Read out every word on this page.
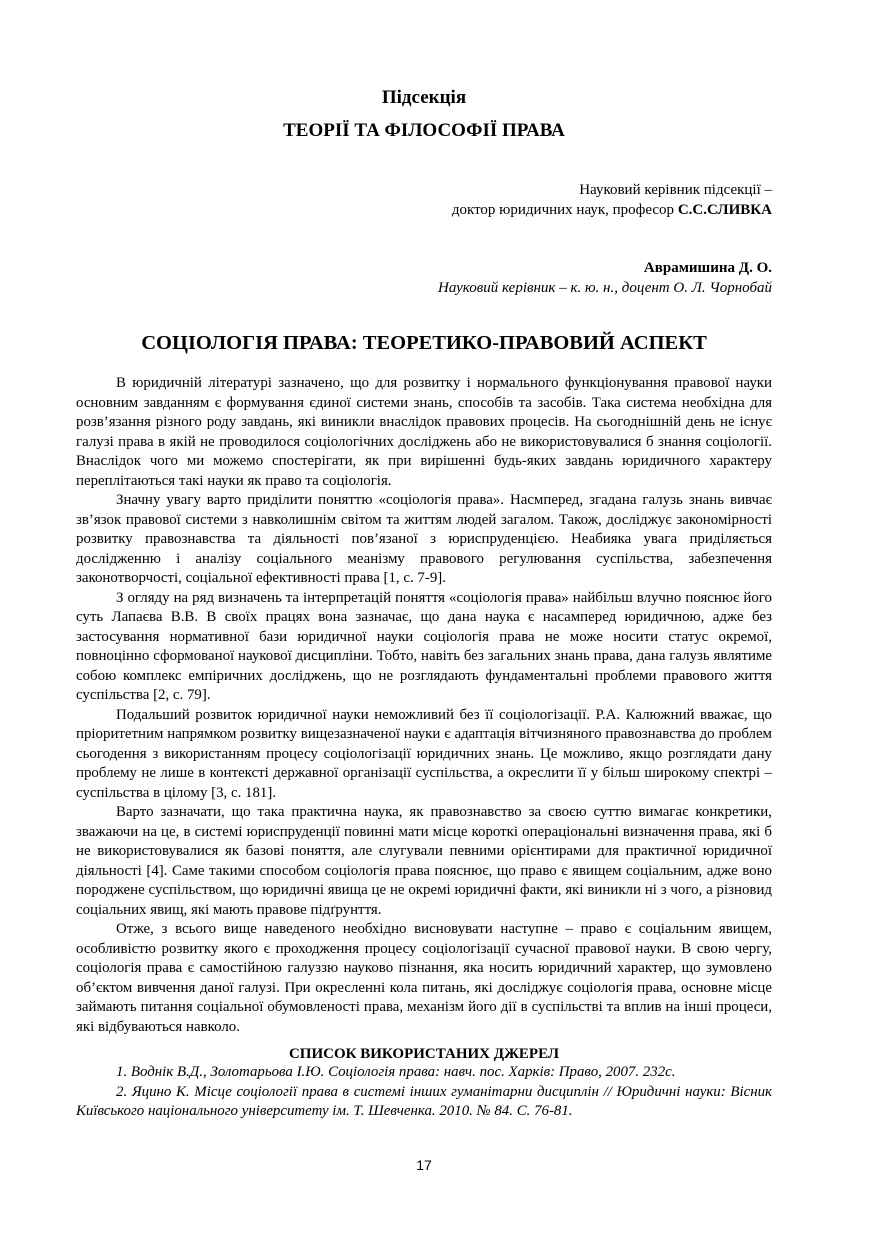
Підсекція
ТЕОРІЇ ТА ФІЛОСОФІЇ ПРАВА
Науковий керівник підсекції –
доктор юридичних наук, професор С.С.СЛИВКА
Аврамишина Д. О.
Науковий керівник – к. ю. н., доцент О. Л. Чорнобай
СОЦІОЛОГІЯ ПРАВА: ТЕОРЕТИКО-ПРАВОВИЙ АСПЕКТ

В юридичній літературі зазначено, що для розвитку і нормального функціонування правової науки основним завданням є формування єдиної системи знань, способів та засобів. Така система необхідна для розв’язання різного роду завдань, які виникли внаслідок правових процесів. На сьогоднішній день не існує галузі права в якій не проводилося соціологічних досліджень або не використовувалися б знання соціології. Внаслідок чого ми можемо спостерігати, як при вирішенні будь-яких завдань юридичного характеру переплітаються такі науки як право та соціологія.

Значну увагу варто приділити поняттю «соціологія права». Насмперед, згадана галузь знань вивчає зв’язок правової системи з навколишнім світом та життям людей загалом. Також, досліджує закономірності розвитку правознавства та діяльності пов’язаної з юриспруденцією. Неабияка увага приділяється дослідженню і аналізу соціального меанізму правового регулювання суспільства, забезпечення законотворчості, соціальної ефективності права [1, с. 7-9].

З огляду на ряд визначень та інтерпретацій поняття «соціологія права» найбільш влучно пояснює його суть Лапаєва В.В. В своїх працях вона зазначає, що дана наука є насамперед юридичною, адже без застосування нормативної бази юридичної науки соціологія права не може носити статус окремої, повноцінно сформованої наукової дисципліни. Тобто, навіть без загальних знань права, дана галузь являтиме собою комплекс емпіричних досліджень, що не розглядають фундаментальні проблеми правового життя суспільства [2, с. 79].

Подальший розвиток юридичної науки неможливий без її соціологізації. Р.А. Калюжний вважає, що пріоритетним напрямком розвитку вищезазначеної науки є адаптація вітчизняного правознавства до проблем сьогодення з використанням процесу соціологізації юридичних знань. Це можливо, якщо розглядати дану проблему не лише в контексті державної організації суспільства, а окреслити її у більш широкому спектрі – суспільства в цілому [3, с. 181].

Варто зазначати, що така практична наука, як правознавство за своєю суттю вимагає конкретики, зважаючи на це, в системі юриспруденції повинні мати місце короткі операціональні визначення права, які б не використовувалися як базові поняття, але слугували певними орієнтирами для практичної юридичної діяльності [4]. Саме такими способом соціологія права пояснює, що право є явищем соціальним, адже воно породжене суспільством, що юридичні явища це не окремі юридичні факти, які виникли ні з чого, а різновид соціальних явищ, які мають правове підґрунття.

Отже, з всього вище наведеного необхідно висновувати наступне – право є соціальним явищем, особливістю розвитку якого є проходження процесу соціологізації сучасної правової науки. В свою чергу, соціологія права є самостійною галуззю науково пізнання, яка носить юридичний характер, що зумовлено об’єктом вивчення даної галузі. При окресленні кола питань, які досліджує соціологія права, основне місце займають питання соціальної обумовленості права, механізм його дії в суспільстві та вплив на інші процеси, які відбуваються навколо.

СПИСОК ВИКОРИСТАНИХ ДЖЕРЕЛ

1. Воднік В.Д., Золотарьова І.Ю. Соціологія права: навч. пос. Харків: Право, 2007. 232с.

2. Яцино К. Місце соціології права в системі інших гуманітарни дисциплін // Юридичні науки: Вісник Київського національного університету ім. Т. Шевченка. 2010. № 84. С. 76-81.

17
